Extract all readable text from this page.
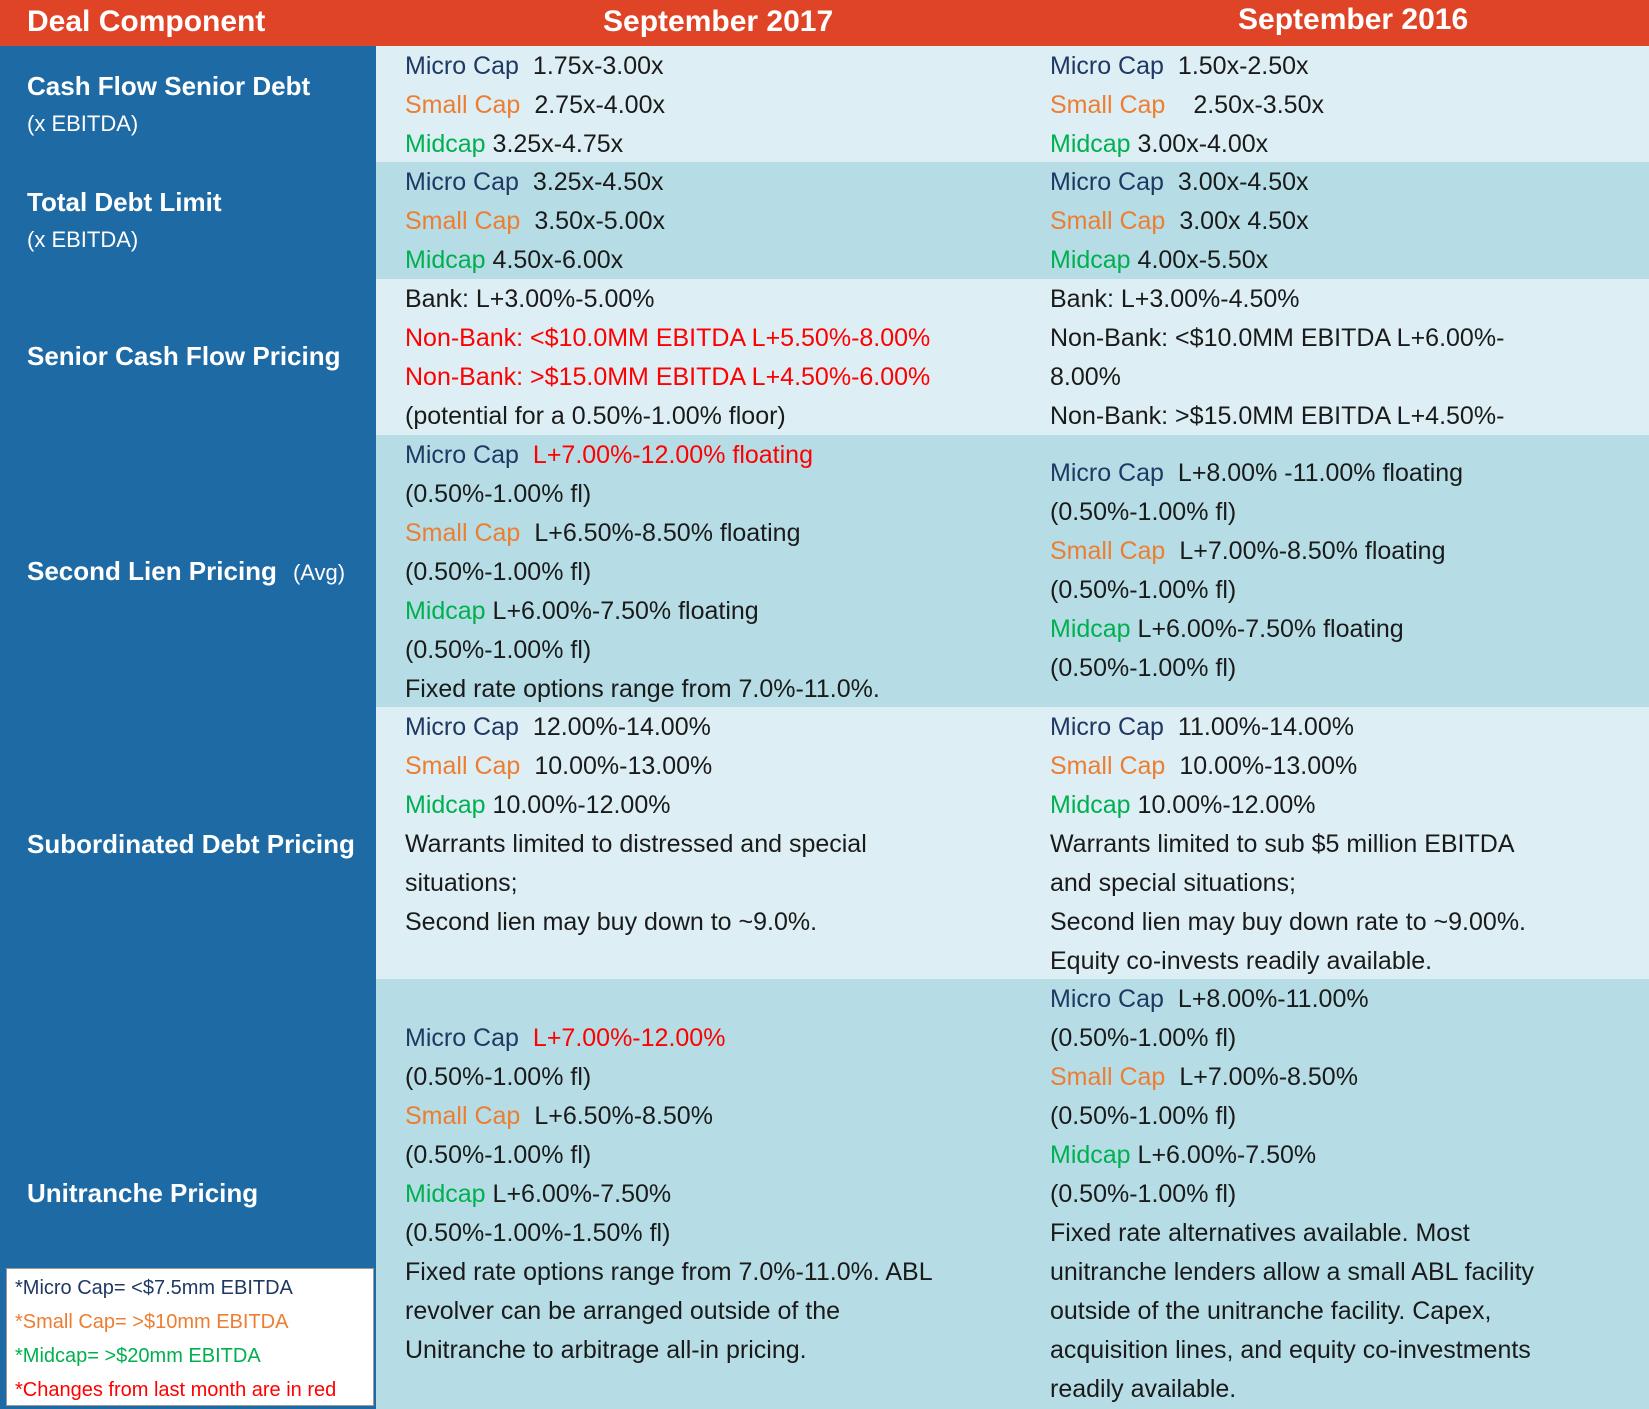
Deal Component	September 2017	September 2016
Cash Flow Senior Debt
(x EBITDA)
Total Debt Limit
(x EBITDA)
Senior Cash Flow Pricing
Second Lien Pricing (Avg)
Subordinated Debt Pricing
Unitranche Pricing
Micro Cap 1.75x-3.00x
Small Cap 2.75x-4.00x
Midcap 3.25x-4.75x
Micro Cap 1.50x-2.50x
Small Cap 2.50x-3.50x
Midcap 3.00x-4.00x
Micro Cap 3.25x-4.50x
Small Cap 3.50x-5.00x
Midcap 4.50x-6.00x
Micro Cap 3.00x-4.50x
Small Cap 3.00x 4.50x
Midcap 4.00x-5.50x
Bank: L+3.00%-5.00%
Non-Bank: <$10.0MM EBITDA L+5.50%-8.00%
Non-Bank: >$15.0MM EBITDA L+4.50%-6.00%
(potential for a 0.50%-1.00% floor)
Bank: L+3.00%-4.50%
Non-Bank: <$10.0MM EBITDA L+6.00%-
8.00%
Non-Bank: >$15.0MM EBITDA L+4.50%-
Micro Cap L+7.00%-12.00% floating
(0.50%-1.00% fl)
Small Cap L+6.50%-8.50% floating
(0.50%-1.00% fl)
Midcap L+6.00%-7.50% floating
(0.50%-1.00% fl)
Fixed rate options range from 7.0%-11.0%.
Micro Cap L+8.00% -11.00% floating
(0.50%-1.00% fl)
Small Cap L+7.00%-8.50% floating
(0.50%-1.00% fl)
Midcap L+6.00%-7.50% floating
(0.50%-1.00% fl)
Micro Cap 12.00%-14.00%
Small Cap 10.00%-13.00%
Midcap 10.00%-12.00%
Warrants limited to distressed and special
situations;
Second lien may buy down to ~9.0%.
Micro Cap 11.00%-14.00%
Small Cap 10.00%-13.00%
Midcap 10.00%-12.00%
Warrants limited to sub $5 million EBITDA
and special situations;
Second lien may buy down rate to ~9.00%.
Equity co-invests readily available.
Micro Cap L+7.00%-12.00%
(0.50%-1.00% fl)
Small Cap L+6.50%-8.50%
(0.50%-1.00% fl)
Midcap L+6.00%-7.50%
(0.50%-1.00%-1.50% fl)
Fixed rate options range from 7.0%-11.0%. ABL
revolver can be arranged outside of the
Unitranche to arbitrage all-in pricing.
Micro Cap L+8.00%-11.00%
(0.50%-1.00% fl)
Small Cap L+7.00%-8.50%
(0.50%-1.00% fl)
Midcap L+6.00%-7.50%
(0.50%-1.00% fl)
Fixed rate alternatives available. Most
unitranche lenders allow a small ABL facility
outside of the unitranche facility. Capex,
acquisition lines, and equity co-investments
readily available.
*Micro Cap= <$7.5mm EBITDA
*Small Cap= >$10mm EBITDA
*Midcap= >$20mm EBITDA
*Changes from last month are in red
